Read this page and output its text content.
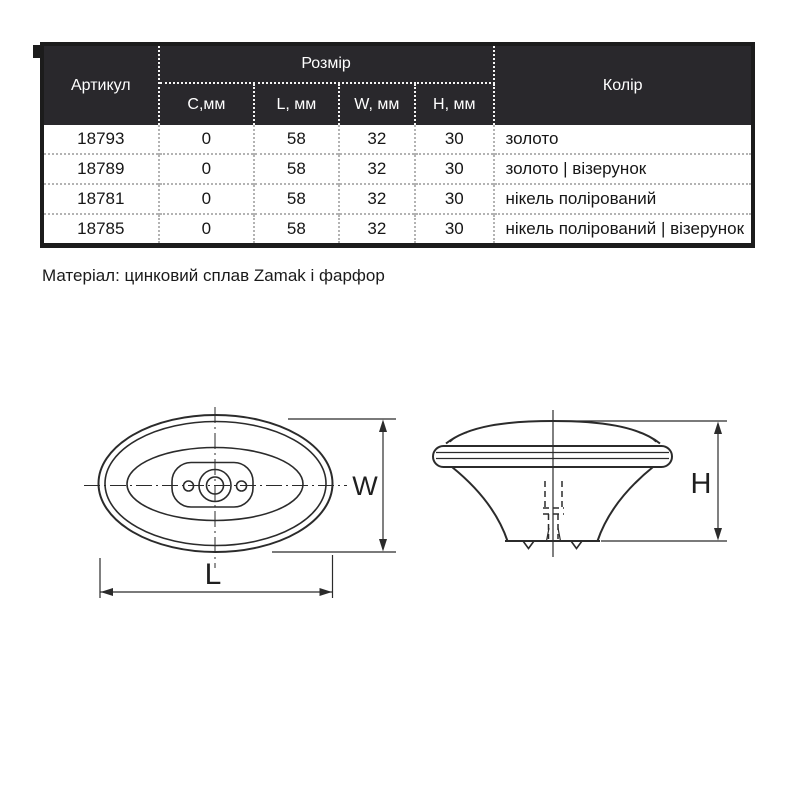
Артикул	Розмір				Колір
	C,мм	L, мм	W, мм	H, мм	
18793	0	58	32	30	золото
18789	0	58	32	30	золото | візерунок
18781	0	58	32	30	нікель полірований
18785	0	58	32	30	нікель полірований | візерунок
Матеріал: цинковий сплав Zamak і фарфор
W
L
H
